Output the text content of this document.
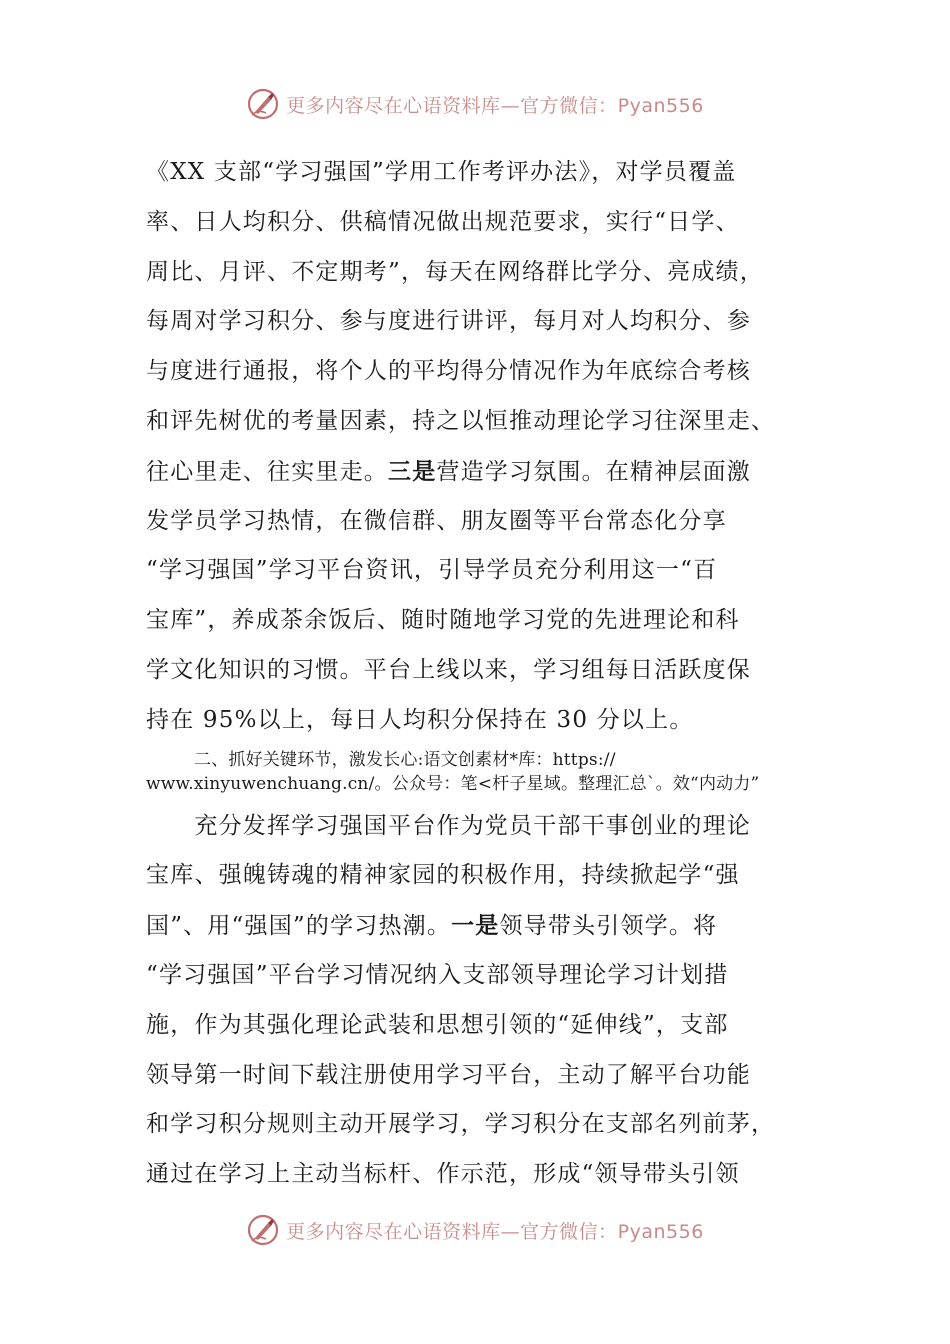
更多内容尽在心语资料库—官方微信：Pyan556
《XX 支部“学习强国”学用工作考评办法》，对学员覆盖
率、日人均积分、供稿情况做出规范要求，实行“日学、
周比、月评、不定期考”，每天在网络群比学分、亮成绩，
每周对学习积分、参与度进行讲评，每月对人均积分、参
与度进行通报，将个人的平均得分情况作为年底综合考核
和评先树优的考量因素，持之以恒推动理论学习往深里走、
往心里走、往实里走。三是营造学习氛围。在精神层面激
发学员学习热情，在微信群、朋友圈等平台常态化分享
“学习强国”学习平台资讯，引导学员充分利用这一“百
宝库”，养成茶余饭后、随时随地学习党的先进理论和科
学文化知识的习惯。平台上线以来，学习组每日活跃度保
持在 95%以上，每日人均积分保持在 30 分以上。
二、抓好关键环节，激发长心:语文创素材*库：https://
www.xinyuwenchuang.cn/。公众号：笔<杆子星域。整理汇总`。效“内动力”
　　充分发挥学习强国平台作为党员干部干事创业的理论
宝库、强魄铸魂的精神家园的积极作用，持续掀起学“强
国”、用“强国”的学习热潮。一是领导带头引领学。将
“学习强国”平台学习情况纳入支部领导理论学习计划措
施，作为其强化理论武装和思想引领的“延伸线”，支部
领导第一时间下载注册使用学习平台，主动了解平台功能
和学习积分规则主动开展学习，学习积分在支部名列前茅，
通过在学习上主动当标杆、作示范，形成“领导带头引领
更多内容尽在心语资料库—官方微信：Pyan556
